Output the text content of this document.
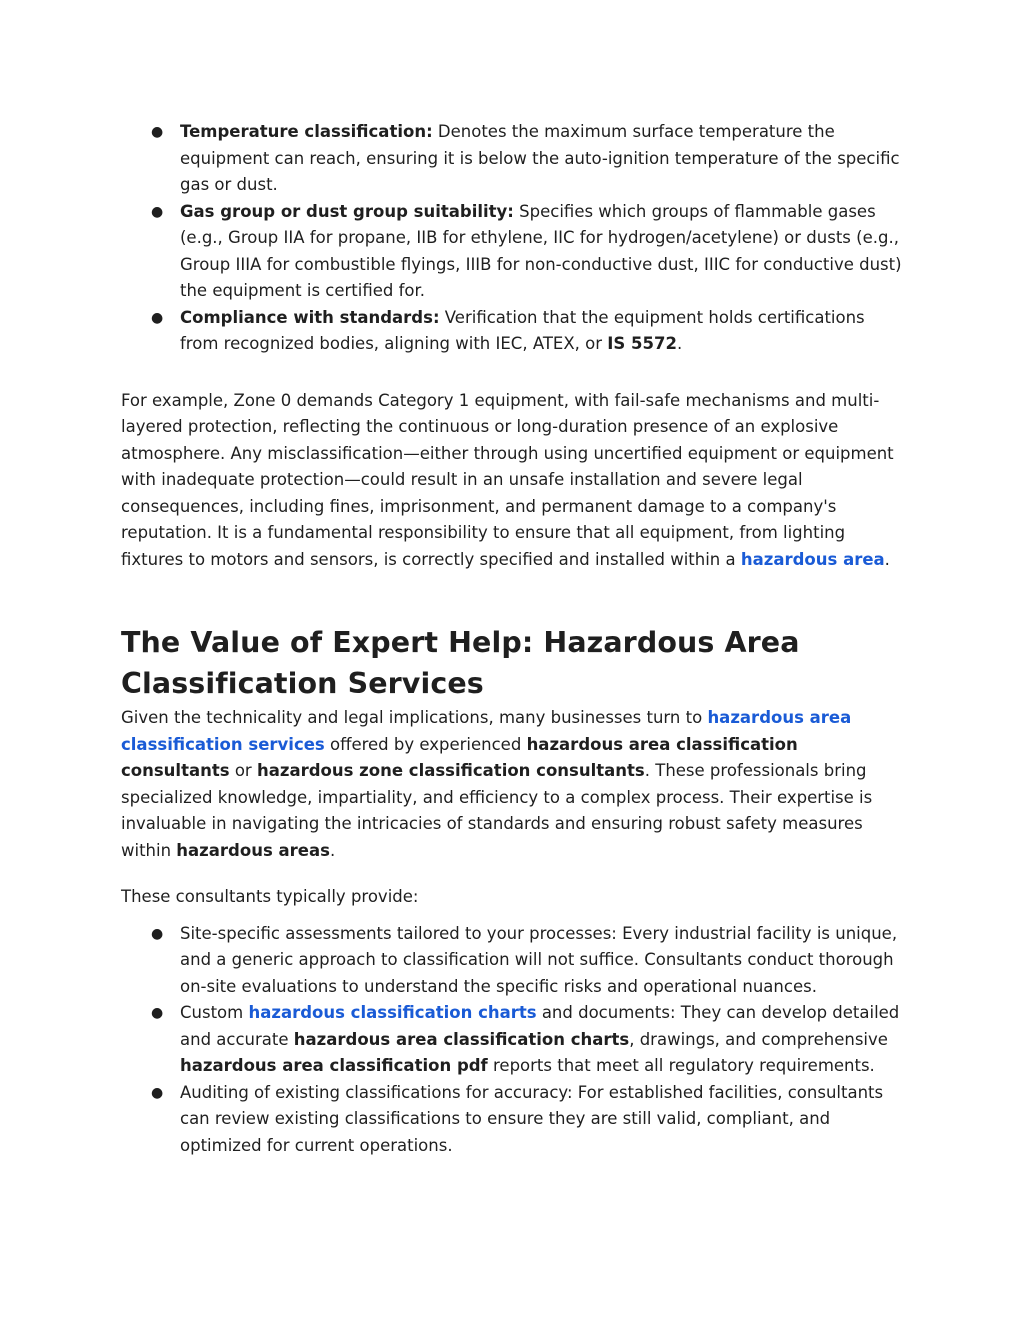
● Temperature classification: Denotes the maximum surface temperature the equipment can reach, ensuring it is below the auto-ignition temperature of the specific gas or dust.
● Gas group or dust group suitability: Specifies which groups of flammable gases (e.g., Group IIA for propane, IIB for ethylene, IIC for hydrogen/acetylene) or dusts (e.g., Group IIIA for combustible flyings, IIIB for non-conductive dust, IIIC for conductive dust) the equipment is certified for.
● Compliance with standards: Verification that the equipment holds certifications from recognized bodies, aligning with IEC, ATEX, or IS 5572.

For example, Zone 0 demands Category 1 equipment, with fail-safe mechanisms and multi-layered protection, reflecting the continuous or long-duration presence of an explosive atmosphere. Any misclassification—either through using uncertified equipment or equipment with inadequate protection—could result in an unsafe installation and severe legal consequences, including fines, imprisonment, and permanent damage to a company's reputation. It is a fundamental responsibility to ensure that all equipment, from lighting fixtures to motors and sensors, is correctly specified and installed within a hazardous area.

The Value of Expert Help: Hazardous Area Classification Services

Given the technicality and legal implications, many businesses turn to hazardous area classification services offered by experienced hazardous area classification consultants or hazardous zone classification consultants. These professionals bring specialized knowledge, impartiality, and efficiency to a complex process. Their expertise is invaluable in navigating the intricacies of standards and ensuring robust safety measures within hazardous areas.

These consultants typically provide:

● Site-specific assessments tailored to your processes: Every industrial facility is unique, and a generic approach to classification will not suffice. Consultants conduct thorough on-site evaluations to understand the specific risks and operational nuances.
● Custom hazardous classification charts and documents: They can develop detailed and accurate hazardous area classification charts, drawings, and comprehensive hazardous area classification pdf reports that meet all regulatory requirements.
● Auditing of existing classifications for accuracy: For established facilities, consultants can review existing classifications to ensure they are still valid, compliant, and optimized for current operations.
